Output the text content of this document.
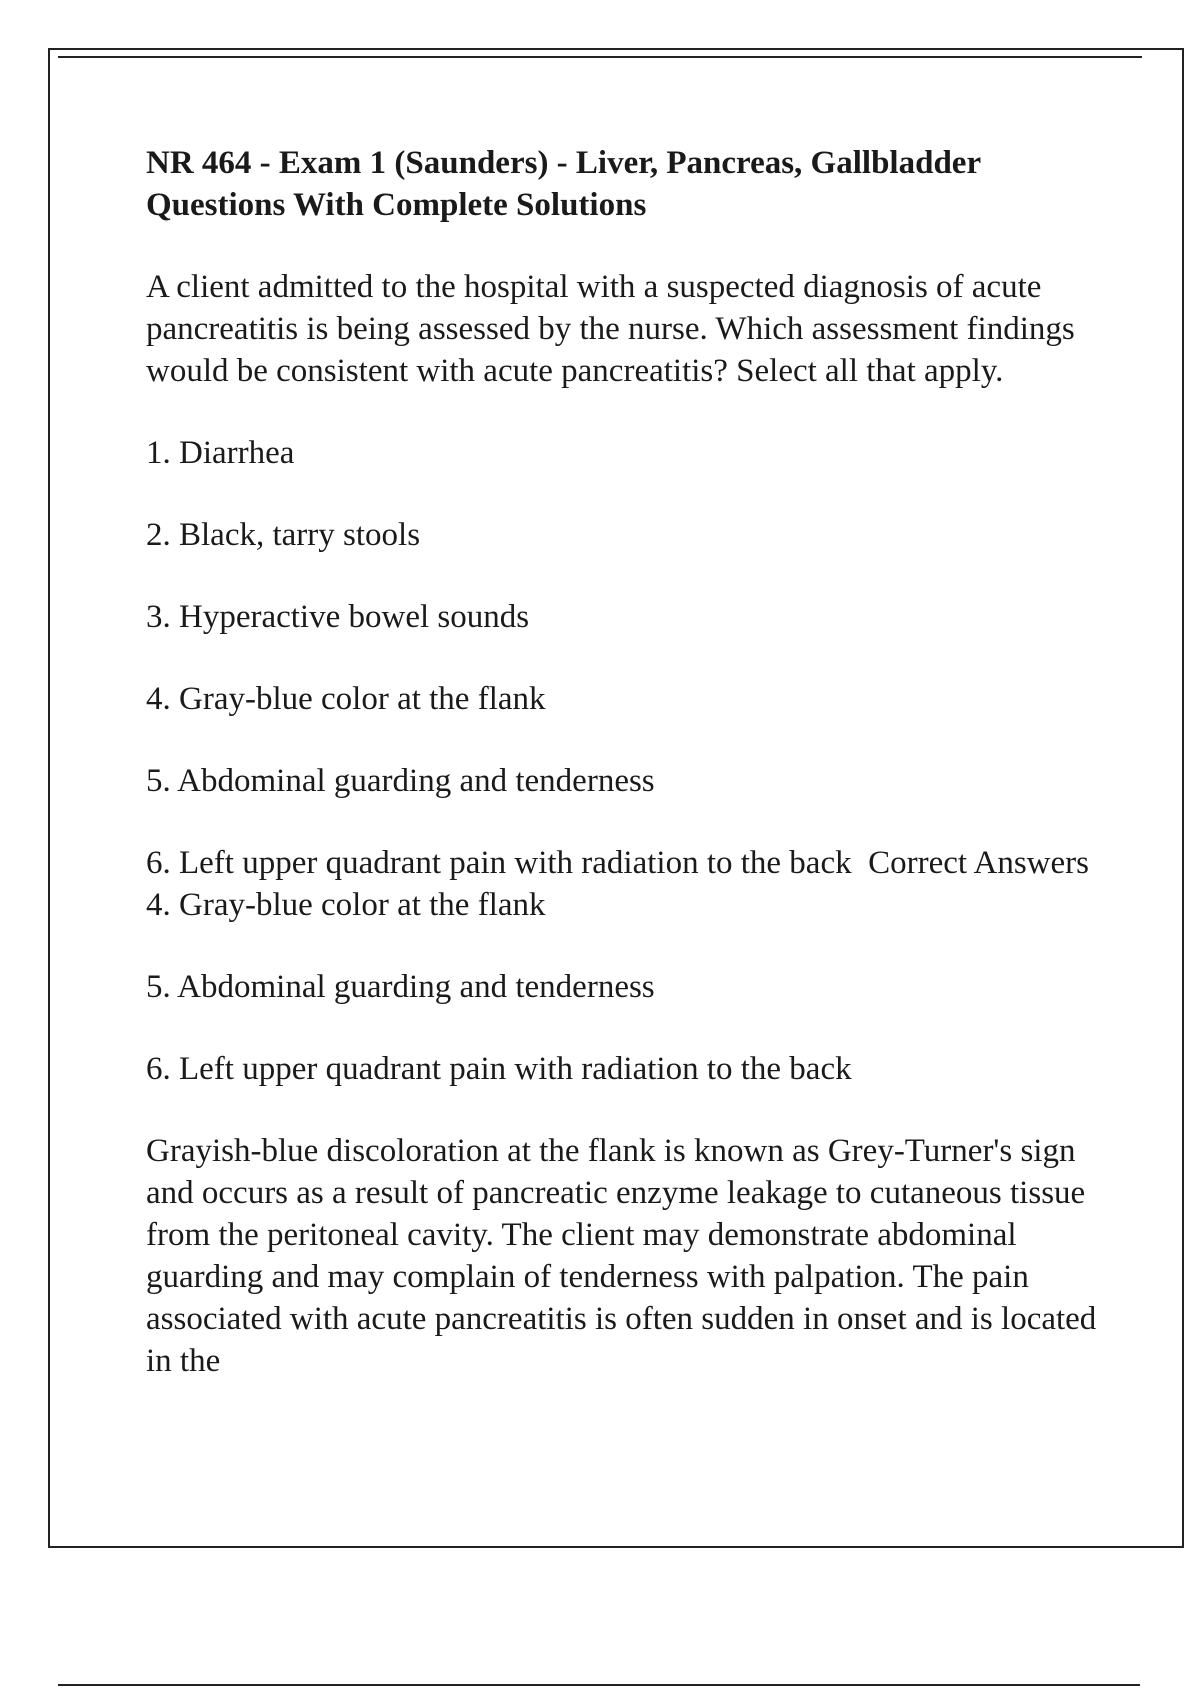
NR 464 - Exam 1 (Saunders) - Liver, Pancreas, Gallbladder Questions With Complete Solutions
A client admitted to the hospital with a suspected diagnosis of acute pancreatitis is being assessed by the nurse. Which assessment findings would be consistent with acute pancreatitis? Select all that apply.
1. Diarrhea
2. Black, tarry stools
3. Hyperactive bowel sounds
4. Gray-blue color at the flank
5. Abdominal guarding and tenderness
6. Left upper quadrant pain with radiation to the back  Correct Answers   4. Gray-blue color at the flank
5. Abdominal guarding and tenderness
6. Left upper quadrant pain with radiation to the back
Grayish-blue discoloration at the flank is known as Grey-Turner's sign and occurs as a result of pancreatic enzyme leakage to cutaneous tissue from the peritoneal cavity. The client may demonstrate abdominal guarding and may complain of tenderness with palpation. The pain associated with acute pancreatitis is often sudden in onset and is located in the
